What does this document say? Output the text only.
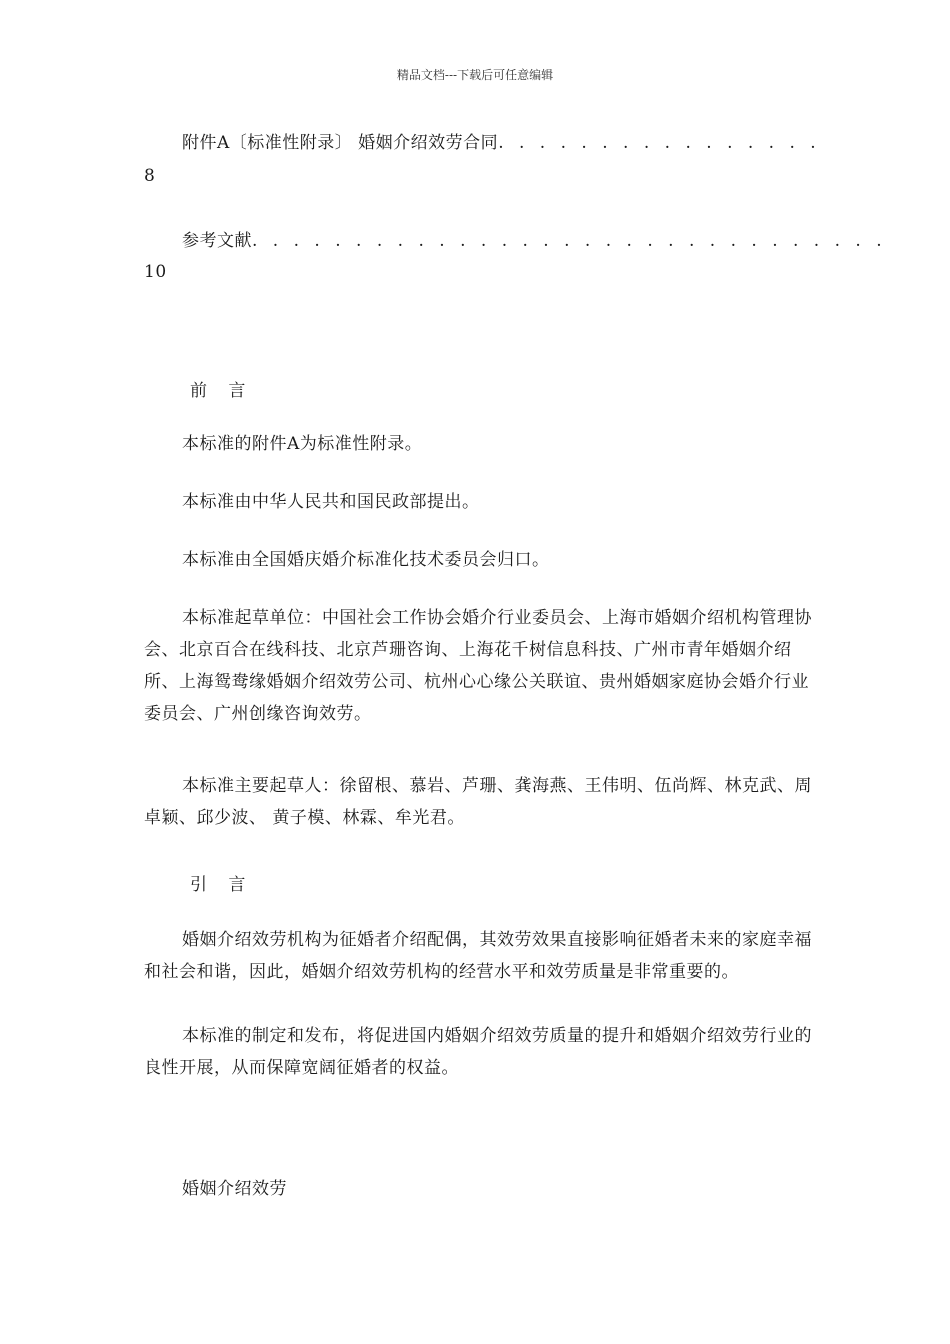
精品文档---下载后可任意编辑
附件A〔标准性附录〕 婚姻介绍效劳合同. . . . . . . . . . . . . . . .
8
参考文献. . . . . . . . . . . . . . . . . . . . . . . . . . . . . . .
10
前 言
本标准的附件A为标准性附录。
本标准由中华人民共和国民政部提出。
本标准由全国婚庆婚介标准化技术委员会归口。
本标准起草单位：中国社会工作协会婚介行业委员会、上海市婚姻介绍机构管理协会、北京百合在线科技、北京芦珊咨询、上海花千树信息科技、广州市青年婚姻介绍所、上海鸳鸯缘婚姻介绍效劳公司、杭州心心缘公关联谊、贵州婚姻家庭协会婚介行业委员会、广州创缘咨询效劳。
本标准主要起草人：徐留根、慕岩、芦珊、龚海燕、王伟明、伍尚辉、林克武、周卓颖、邱少波、 黄子模、林霖、牟光君。
引 言
婚姻介绍效劳机构为征婚者介绍配偶，其效劳效果直接影响征婚者未来的家庭幸福和社会和谐，因此，婚姻介绍效劳机构的经营水平和效劳质量是非常重要的。
本标准的制定和发布，将促进国内婚姻介绍效劳质量的提升和婚姻介绍效劳行业的良性开展，从而保障宽阔征婚者的权益。
婚姻介绍效劳
